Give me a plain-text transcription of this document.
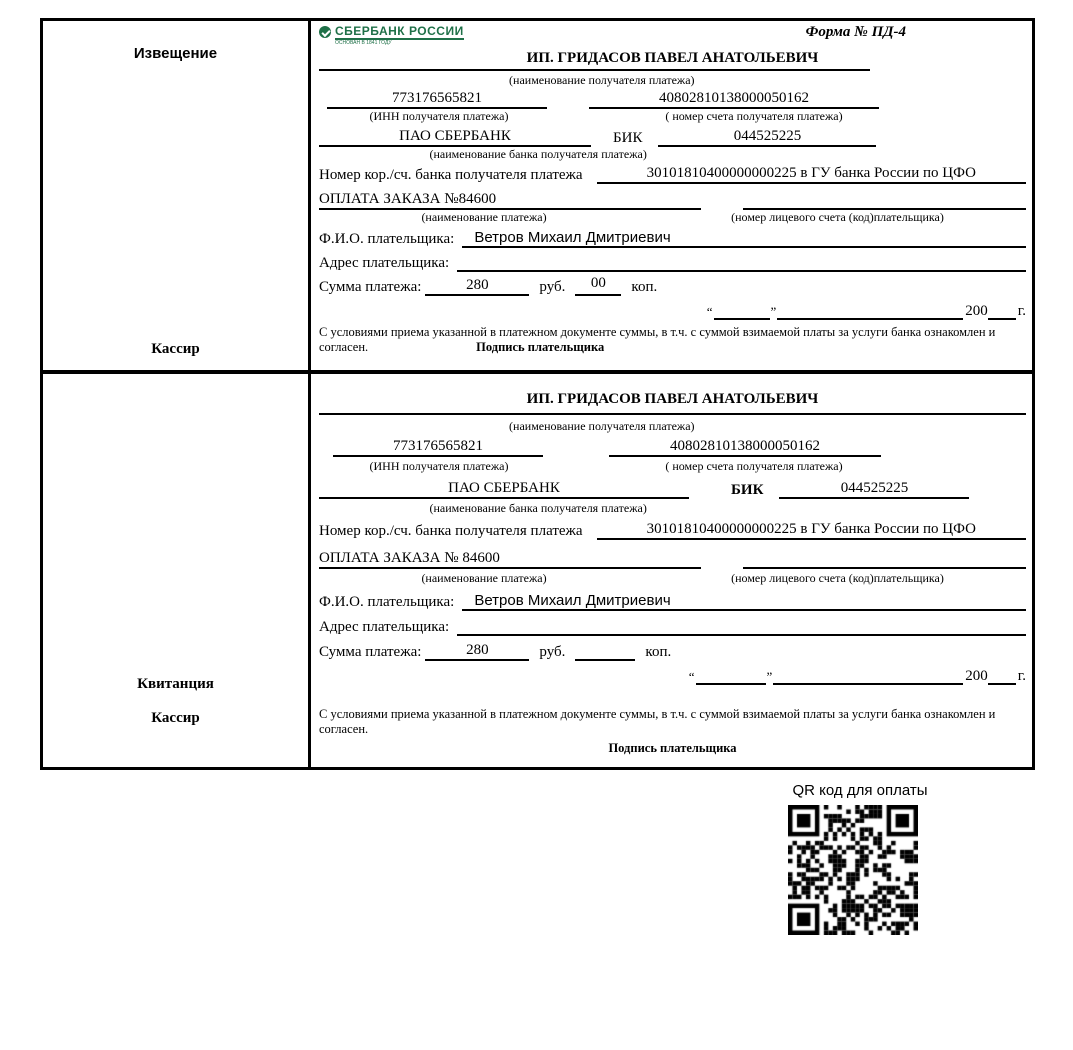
Извещение
Кассир
СБЕРБАНК РОССИИ
ОСНОВАН В 1841 ГОДУ
Форма № ПД-4
ИП. ГРИДАСОВ ПАВЕЛ АНАТОЛЬЕВИЧ
(наименование получателя платежа)
773176565821	40802810138000050162
(ИНН получателя платежа)	( номер счета получателя платежа)
ПАО СБЕРБАНК	БИК	044525225
(наименование банка получателя платежа)
Номер кор./сч. банка получателя платежа	30101810400000000225 в ГУ банка России по ЦФО
ОПЛАТА ЗАКАЗА №84600
(наименование платежа)	(номер лицевого счета (код)плательщика)
Ф.И.О. плательщика:	Ветров Михаил Дмитриевич
Адрес плательщика:
Сумма платежа:	280	руб.	00	коп.
“	”	200 г.

С условиями приема указанной в платежном документе суммы, в т.ч. с суммой взимаемой платы за услуги банка ознакомлен и согласен.	Подпись плательщика

Квитанция
Кассир
ИП. ГРИДАСОВ ПАВЕЛ АНАТОЛЬЕВИЧ
(наименование получателя платежа)
773176565821	40802810138000050162
(ИНН получателя платежа)	( номер счета получателя платежа)
ПАО СБЕРБАНК	БИК	044525225
(наименование банка получателя платежа)
Номер кор./сч. банка получателя платежа	30101810400000000225 в ГУ банка России по ЦФО
ОПЛАТА ЗАКАЗА № 84600
(наименование платежа)	(номер лицевого счета (код)плательщика)
Ф.И.О. плательщика:	Ветров Михаил Дмитриевич
Адрес плательщика:
Сумма платежа:	280	руб.	коп.
“	”	200 г.

С условиями приема указанной в платежном документе суммы, в т.ч. с суммой взимаемой платы за услуги банка ознакомлен и согласен.

Подпись плательщика
QR код для оплаты
